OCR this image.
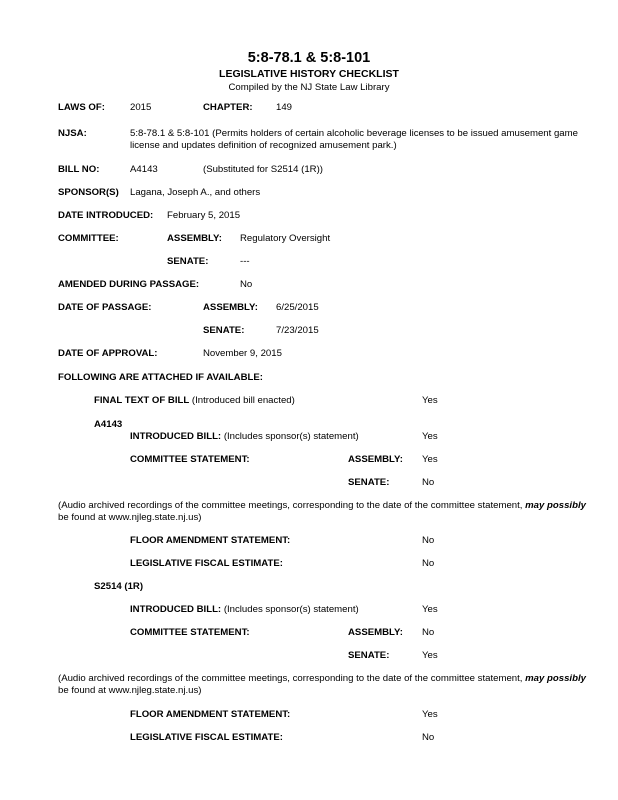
5:8-78.1 & 5:8-101
LEGISLATIVE HISTORY CHECKLIST
Compiled by the NJ State Law Library
LAWS OF:	2015	CHAPTER: 149
NJSA:	5:8-78.1 & 5:8-101 (Permits holders of certain alcoholic beverage licenses to be issued amusement game license and updates definition of recognized amusement park.)
BILL NO:	A4143	(Substituted for S2514 (1R))
SPONSOR(S) Lagana, Joseph A., and others
DATE INTRODUCED: February 5, 2015
COMMITTEE:	ASSEMBLY: Regulatory Oversight
SENATE:	---
AMENDED DURING PASSAGE:	No
DATE OF PASSAGE:	ASSEMBLY: 6/25/2015
SENATE:	7/23/2015
DATE OF APPROVAL:	November 9, 2015
FOLLOWING ARE ATTACHED IF AVAILABLE:
FINAL TEXT OF BILL (Introduced bill enacted)	Yes
A4143
INTRODUCED BILL: (Includes sponsor(s) statement)	Yes
COMMITTEE STATEMENT:	ASSEMBLY: Yes
SENATE:	No
(Audio archived recordings of the committee meetings, corresponding to the date of the committee statement, may possibly
be found at www.njleg.state.nj.us)
FLOOR AMENDMENT STATEMENT:	No
LEGISLATIVE FISCAL ESTIMATE:	No
S2514 (1R)
INTRODUCED BILL: (Includes sponsor(s) statement)	Yes
COMMITTEE STATEMENT:	ASSEMBLY: No
SENATE:	Yes
(Audio archived recordings of the committee meetings, corresponding to the date of the committee statement, may possibly
be found at www.njleg.state.nj.us)
FLOOR AMENDMENT STATEMENT:	Yes
LEGISLATIVE FISCAL ESTIMATE:	No
